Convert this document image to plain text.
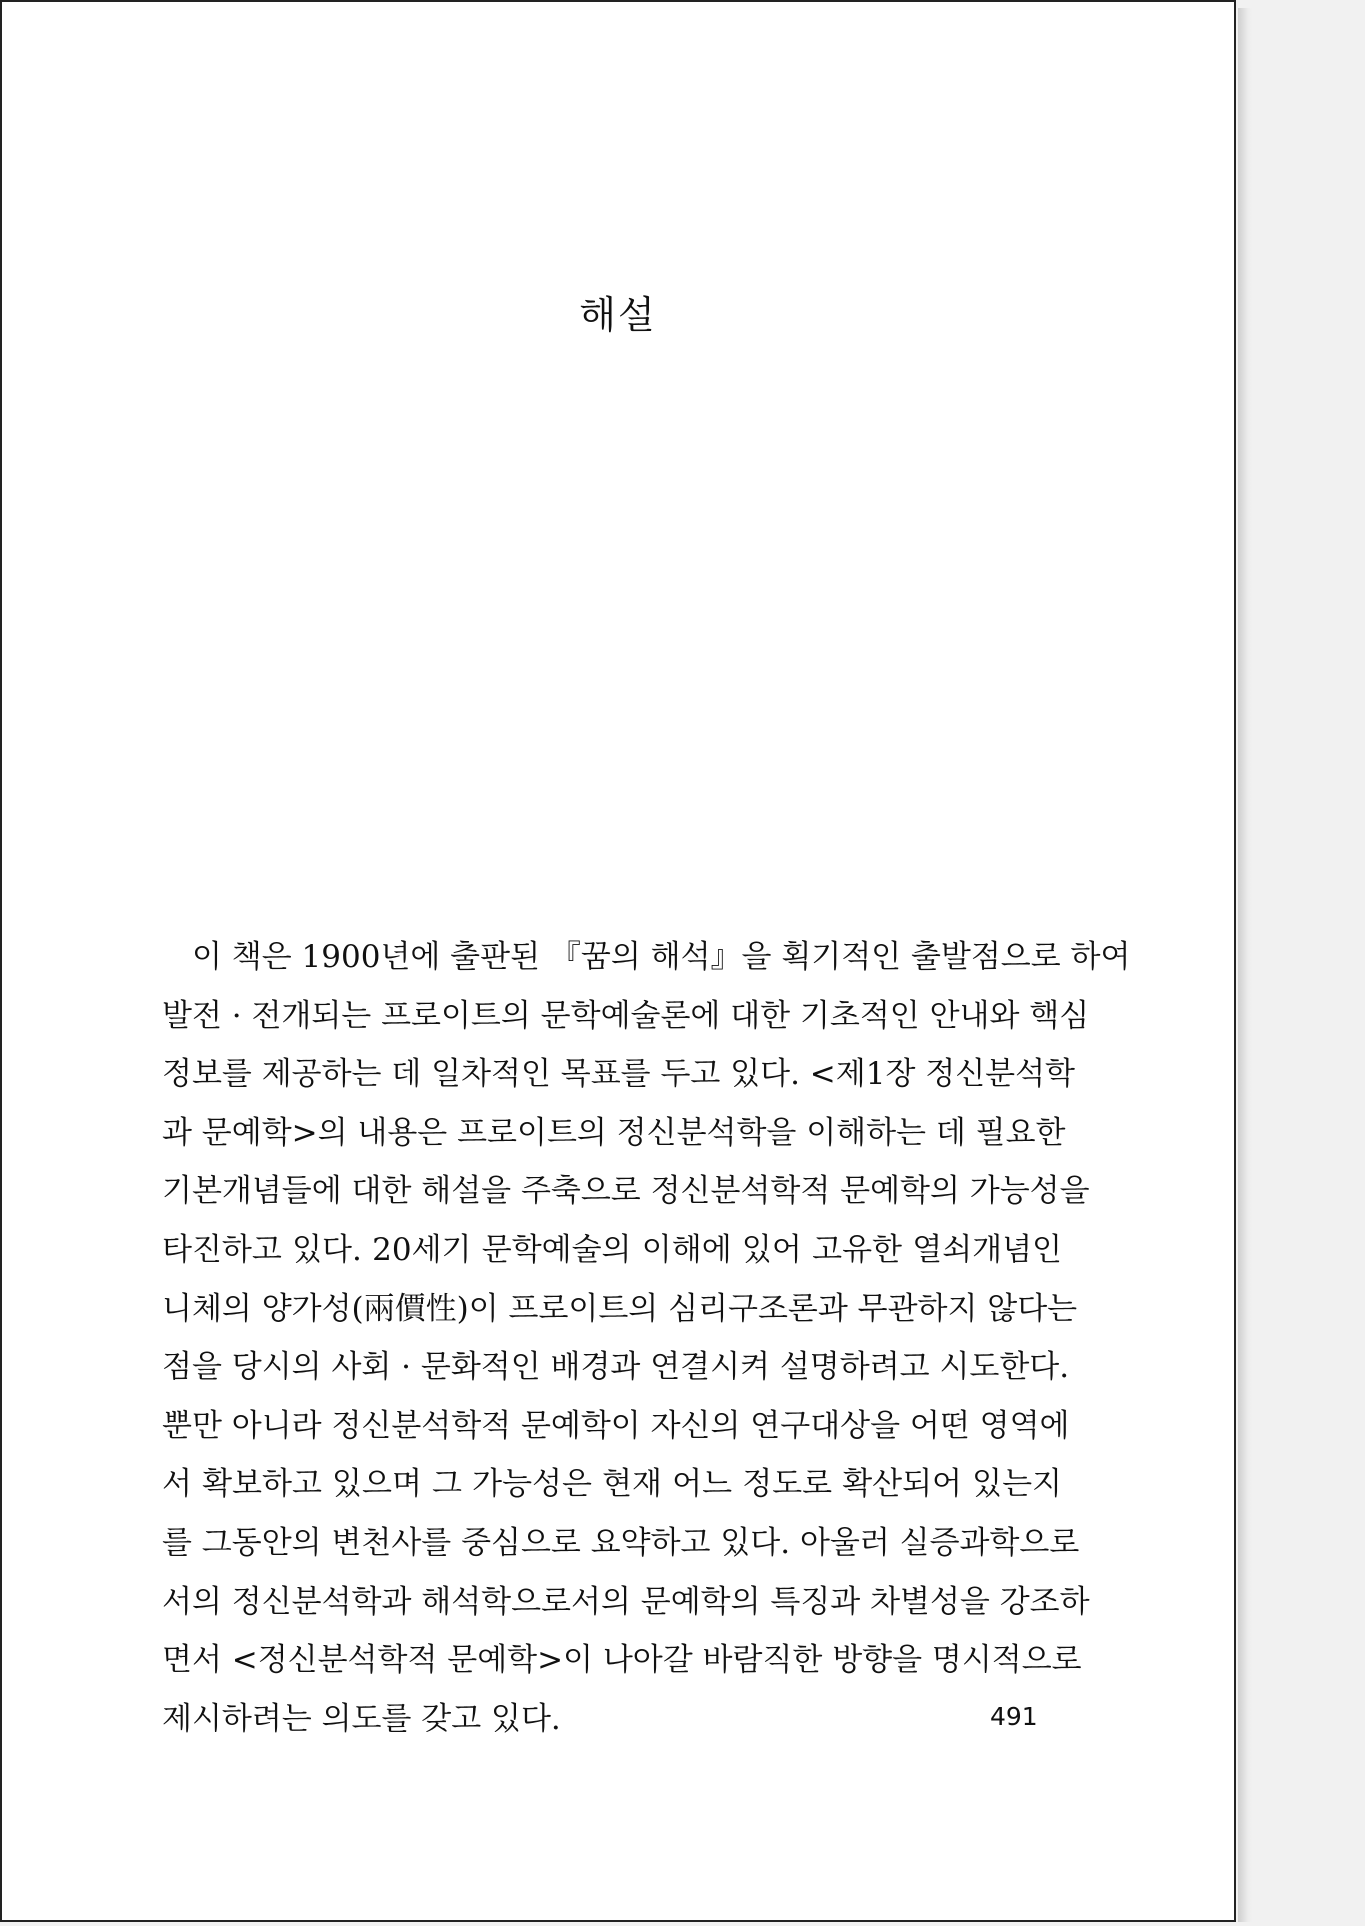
해설
이 책은 1900년에 출판된 『꿈의 해석』을 획기적인 출발점으로 하여
발전 · 전개되는 프로이트의 문학예술론에 대한 기초적인 안내와 핵심
정보를 제공하는 데 일차적인 목표를 두고 있다. <제1장 정신분석학
과 문예학>의 내용은 프로이트의 정신분석학을 이해하는 데 필요한
기본개념들에 대한 해설을 주축으로 정신분석학적 문예학의 가능성을
타진하고 있다. 20세기 문학예술의 이해에 있어 고유한 열쇠개념인
니체의 양가성(兩價性)이 프로이트의 심리구조론과 무관하지 않다는
점을 당시의 사회 · 문화적인 배경과 연결시켜 설명하려고 시도한다.
뿐만 아니라 정신분석학적 문예학이 자신의 연구대상을 어떤 영역에
서 확보하고 있으며 그 가능성은 현재 어느 정도로 확산되어 있는지
를 그동안의 변천사를 중심으로 요약하고 있다. 아울러 실증과학으로
서의 정신분석학과 해석학으로서의 문예학의 특징과 차별성을 강조하
면서 <정신분석학적 문예학>이 나아갈 바람직한 방향을 명시적으로
제시하려는 의도를 갖고 있다.	491
